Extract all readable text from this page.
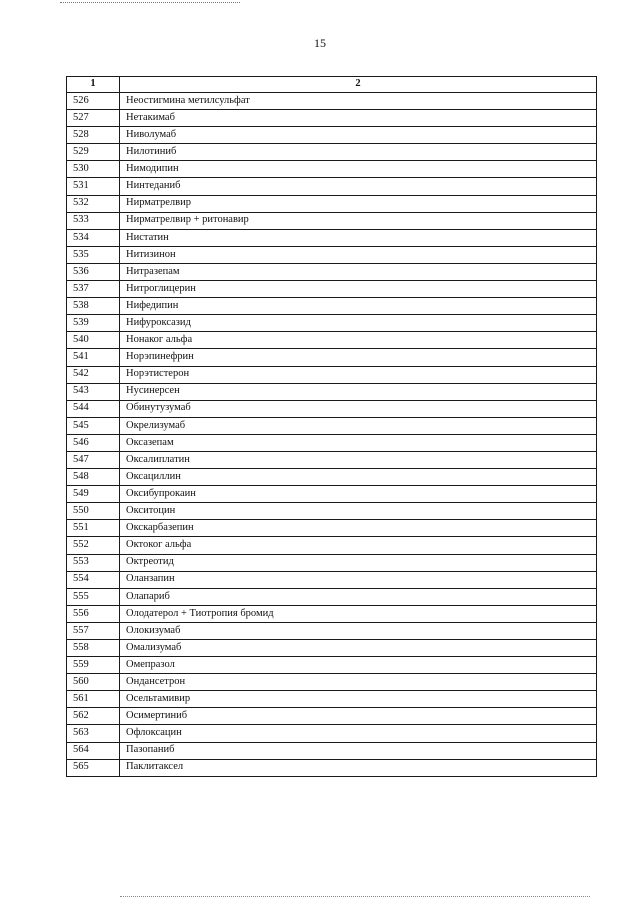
15
1	2
526	Неостигмина метилсульфат
527	Нетакимаб
528	Ниволумаб
529	Нилотиниб
530	Нимодипин
531	Нинтеданиб
532	Нирматрелвир
533	Нирматрелвир + ритонавир
534	Нистатин
535	Нитизинон
536	Нитразепам
537	Нитроглицерин
538	Нифедипин
539	Нифуроксазид
540	Нонаког альфа
541	Норэпинефрин
542	Норэтистерон
543	Нусинерсен
544	Обинутузумаб
545	Окрелизумаб
546	Оксазепам
547	Оксалиплатин
548	Оксациллин
549	Оксибупрокаин
550	Окситоцин
551	Окскарбазепин
552	Октоког альфа
553	Октреотид
554	Оланзапин
555	Олапариб
556	Олодатерол + Тиотропия бромид
557	Олокизумаб
558	Омализумаб
559	Омепразол
560	Ондансетрон
561	Осельтамивир
562	Осимертиниб
563	Офлоксацин
564	Пазопаниб
565	Паклитаксел
